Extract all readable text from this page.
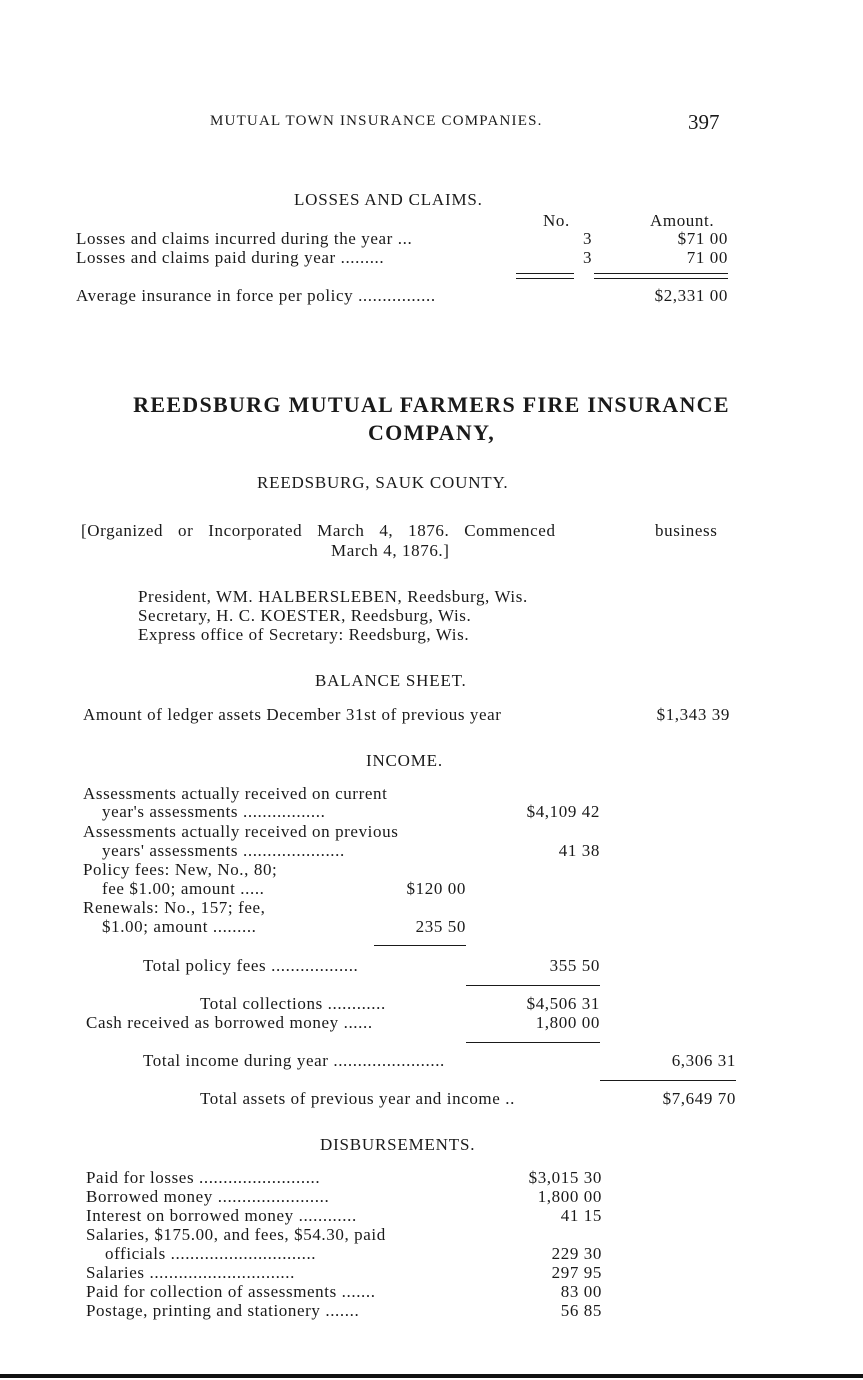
MUTUAL TOWN INSURANCE COMPANIES.	397
LOSSES AND CLAIMS.
No.	Amount.
Losses and claims incurred during the year ...	3	$71 00
Losses and claims paid during year .........	3	71 00
Average insurance in force per policy ................	$2,331 00
REEDSBURG MUTUAL FARMERS FIRE INSURANCE
COMPANY,
REEDSBURG, SAUK COUNTY.
[Organized or Incorporated March 4, 1876. Commenced	business
March 4, 1876.]
President, WM. HALBERSLEBEN, Reedsburg, Wis.
Secretary, H. C. KOESTER, Reedsburg, Wis.
Express office of Secretary: Reedsburg, Wis.
BALANCE SHEET.
Amount of ledger assets December 31st of previous year	$1,343 39
INCOME.
Assessments actually received on current
year's assessments .................	$4,109 42
Assessments actually received on previous
years' assessments .....................	41 38
Policy fees: New, No., 80;
fee $1.00; amount .....	$120 00
Renewals: No., 157; fee,
$1.00; amount .........	235 50
Total policy fees ..................	355 50
Total collections ............	$4,506 31
Cash received as borrowed money ......	1,800 00
Total income during year .......................	6,306 31
Total assets of previous year and income ..	$7,649 70
DISBURSEMENTS.
Paid for losses .........................	$3,015 30
Borrowed money .......................	1,800 00
Interest on borrowed money ............	41 15
Salaries, $175.00, and fees, $54.30, paid
officials ..............................	229 30
Salaries ..............................	297 95
Paid for collection of assessments .......	83 00
Postage, printing and stationery .......	56 85
